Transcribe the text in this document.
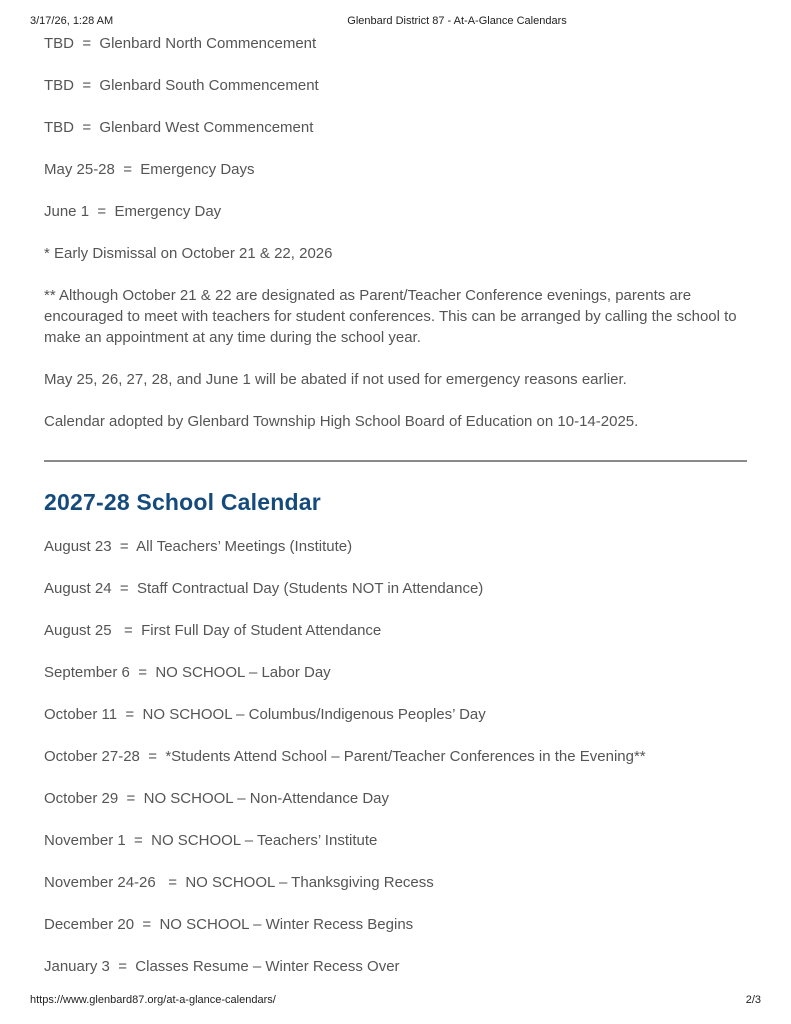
3/17/26, 1:28 AM	Glenbard District 87 - At-A-Glance Calendars

TBD  =  Glenbard North Commencement

TBD  =  Glenbard South Commencement

TBD  =  Glenbard West Commencement

May 25-28  =  Emergency Days

June 1  =  Emergency Day

* Early Dismissal on October 21 & 22, 2026

** Although October 21 & 22 are designated as Parent/Teacher Conference evenings, parents are encouraged to meet with teachers for student conferences. This can be arranged by calling the school to make an appointment at any time during the school year.

May 25, 26, 27, 28, and June 1 will be abated if not used for emergency reasons earlier.

Calendar adopted by Glenbard Township High School Board of Education on 10-14-2025.

2027-28 School Calendar

August 23  =  All Teachers’ Meetings (Institute)

August 24  =  Staff Contractual Day (Students NOT in Attendance)

August 25   =  First Full Day of Student Attendance

September 6  =  NO SCHOOL – Labor Day

October 11  =  NO SCHOOL – Columbus/Indigenous Peoples’ Day

October 27-28  =  *Students Attend School – Parent/Teacher Conferences in the Evening**

October 29  =  NO SCHOOL – Non-Attendance Day

November 1  =  NO SCHOOL – Teachers’ Institute

November 24-26   =  NO SCHOOL – Thanksgiving Recess

December 20  =  NO SCHOOL – Winter Recess Begins

January 3  =  Classes Resume – Winter Recess Over

https://www.glenbard87.org/at-a-glance-calendars/	2/3
